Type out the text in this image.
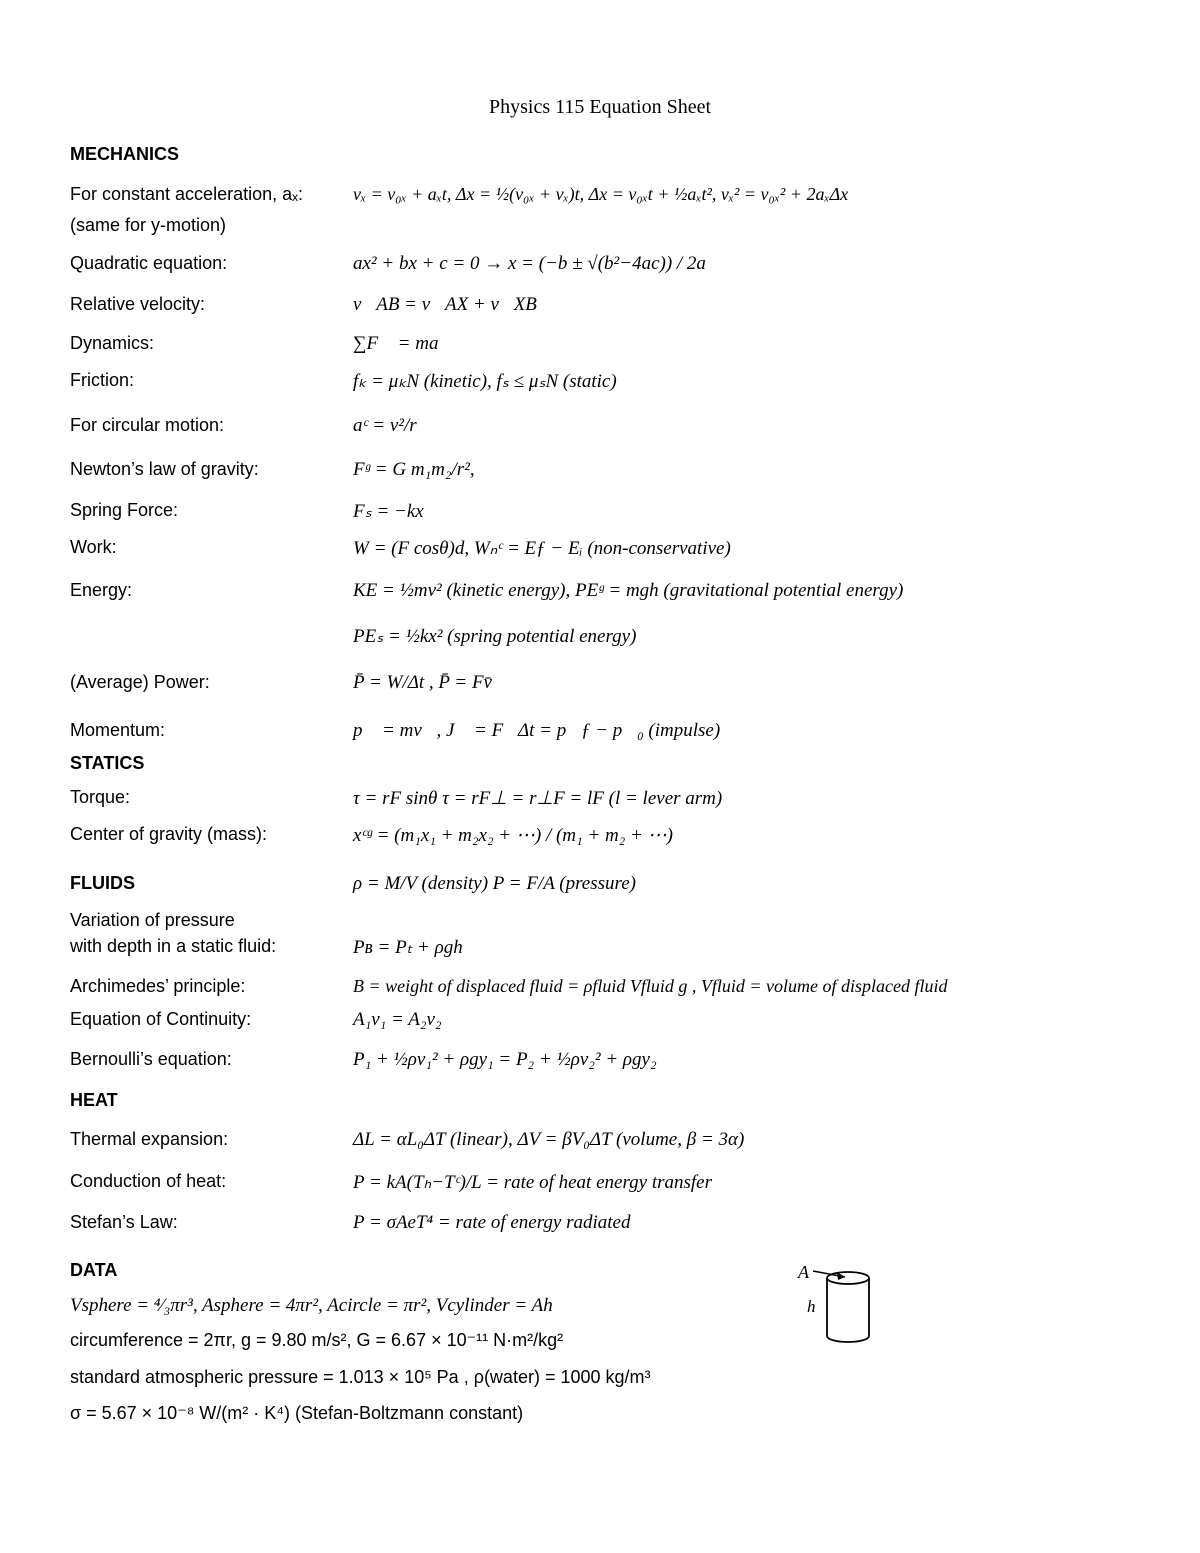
Physics 115 Equation Sheet
MECHANICS
For constant acceleration, aₓ:	vₓ = v₀ₓ + aₓt, Δx = ½(v₀ₓ + vₓ)t, Δx = v₀ₓt + ½aₓt², vₓ² = v₀ₓ² + 2aₓΔx
(same for y-motion)
Quadratic equation:	ax² + bx + c = 0 → x = (−b ± √(b²−4ac)) / 2a
Relative velocity:	v⃗AB = v⃗AX + v⃗XB
Dynamics:	∑F⃗ = ma⃗
Friction:	fₖ = μₖN (kinetic), fₛ ≤ μₛN (static)
For circular motion:	aᶜ = v²/r
Newton’s law of gravity:	Fᵍ = G m₁m₂/r²,
Spring Force:	Fₛ = −kx
Work:	W = (F cosθ)d, Wₙᶜ = Eƒ − Eᵢ (non-conservative)
Energy:	KE = ½mv² (kinetic energy), PEᵍ = mgh (gravitational potential energy)
PEₛ = ½kx² (spring potential energy)
(Average) Power:	P̄ = W/Δt , P̄ = Fv̄
Momentum:	p⃗ = mv⃗, J⃗ = F⃗Δt = p⃗ƒ − p⃗₀ (impulse)
STATICS
Torque:	τ = rF sinθ τ = rF⊥ = r⊥F = lF (l = lever arm)
Center of gravity (mass):	xᶜᵍ = (m₁x₁ + m₂x₂ + ⋯) / (m₁ + m₂ + ⋯)
FLUIDS	ρ = M/V (density) P = F/A (pressure)
Variation of pressure
with depth in a static fluid:	Pʙ = Pₜ + ρgh
Archimedes’ principle:	B = weight of displaced fluid = ρfluid Vfluid g , Vfluid = volume of displaced fluid
Equation of Continuity:	A₁v₁ = A₂v₂
Bernoulli’s equation:	P₁ + ½ρv₁² + ρgy₁ = P₂ + ½ρv₂² + ρgy₂
HEAT
Thermal expansion:	ΔL = αL₀ΔT (linear), ΔV = βV₀ΔT (volume, β = 3α)
Conduction of heat:	P = kA(Tₕ−Tᶜ)/L = rate of heat energy transfer
Stefan’s Law:	P = σAeT⁴ = rate of energy radiated
DATA
Vsphere = ⁴⁄₃πr³, Asphere = 4πr², Acircle = πr², Vcylinder = Ah
circumference = 2πr, g = 9.80 m/s², G = 6.67 × 10⁻¹¹ N·m²/kg²
standard atmospheric pressure = 1.013 × 10⁵ Pa , ρ(water) = 1000 kg/m³
σ = 5.67 × 10⁻⁸ W/(m² · K⁴) (Stefan-Boltzmann constant)
A
h
